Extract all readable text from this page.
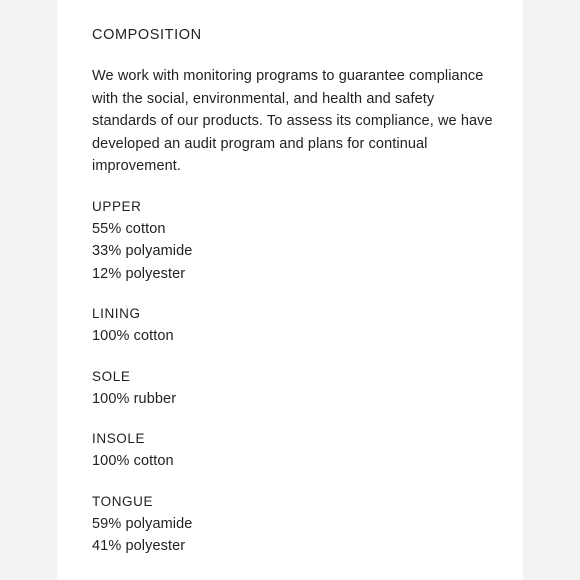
COMPOSITION

We work with monitoring programs to guarantee compliance with the social, environmental, and health and safety standards of our products. To assess its compliance, we have developed an audit program and plans for continual improvement.

UPPER

55% cotton

33% polyamide

12% polyester

LINING

100% cotton

SOLE

100% rubber

INSOLE

100% cotton

TONGUE

59% polyamide

41% polyester
